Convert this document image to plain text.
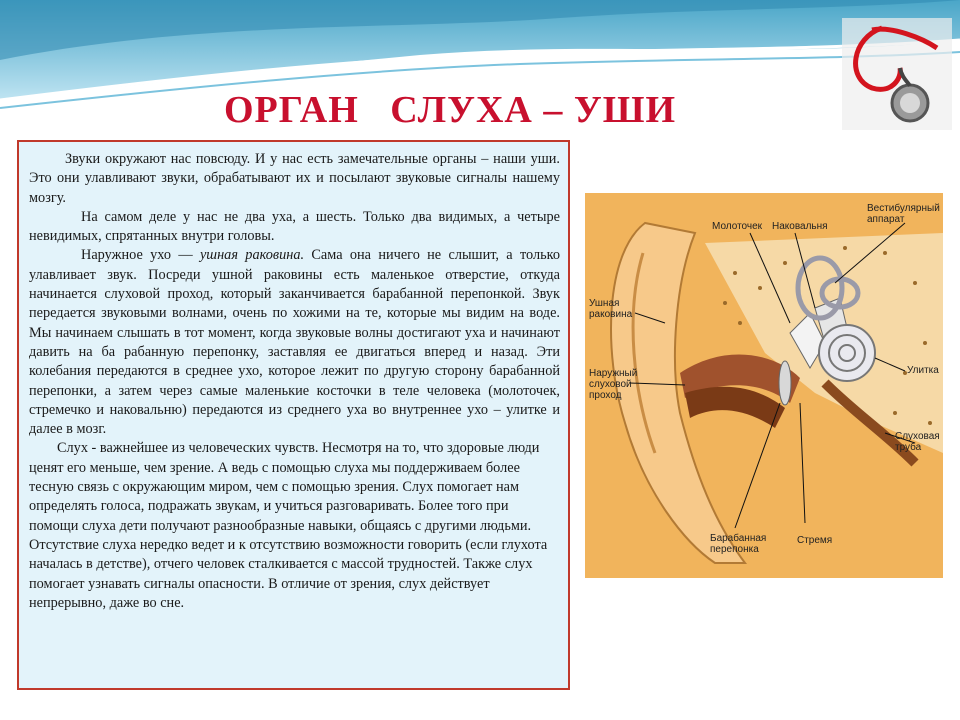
ОРГАН   СЛУХА – УШИ

Звуки окружают нас повсюду. И у нас есть замечательные органы – наши уши. Это они улавливают звуки, обрабатывают их и посылают звуковые сигналы нашему мозгу.

На самом деле у нас не два уха, а шесть. Только два видимых, а четыре невидимых, спрятанных внутри головы.

Наружное ухо — ушная раковина. Сама она ничего не слышит, а только улавливает звук. Посреди ушной раковины есть маленькое отверстие, откуда начинается слуховой проход, который заканчивается барабанной перепонкой. Звук передается звуковыми волнами, очень по хожими на те, которые мы видим на воде. Мы начинаем слышать в тот момент, когда звуковые волны достигают уха и начинают давить на ба рабанную перепонку, заставляя ее двигаться вперед и назад. Эти колебания передаются в среднее ухо, которое лежит по другую сторону барабанной перепонки, а затем через самые маленькие косточки в теле человека (молоточек, стремечко и наковальню) передаются из среднего уха во внутреннее ухо – улитке и далее в мозг.

Слух - важнейшее из человеческих чувств. Несмотря на то, что здоровые люди ценят его меньше, чем зрение. А ведь с помощью слуха мы поддерживаем более тесную связь с окружающим миром, чем с помощью зрения. Слух помогает нам определять голоса, подражать звукам, и учиться разговаривать. Более того при помощи слуха дети получают разнообразные навыки, общаясь с другими людьми. Отсутствие слуха нередко ведет и к отсутствию возможности говорить (если глухота началась в детстве), отчего человек сталкивается с массой трудностей. Также слух помогает узнавать сигналы опасности. В отличие от зрения, слух действует непрерывно, даже во сне.

Молоточек Наковальня
Вестибулярный
аппарат
Ушная
раковина
Наружный
слуховой
проход
Улитка
Слуховая
труба
Барабанная
перепонка
Стремя
